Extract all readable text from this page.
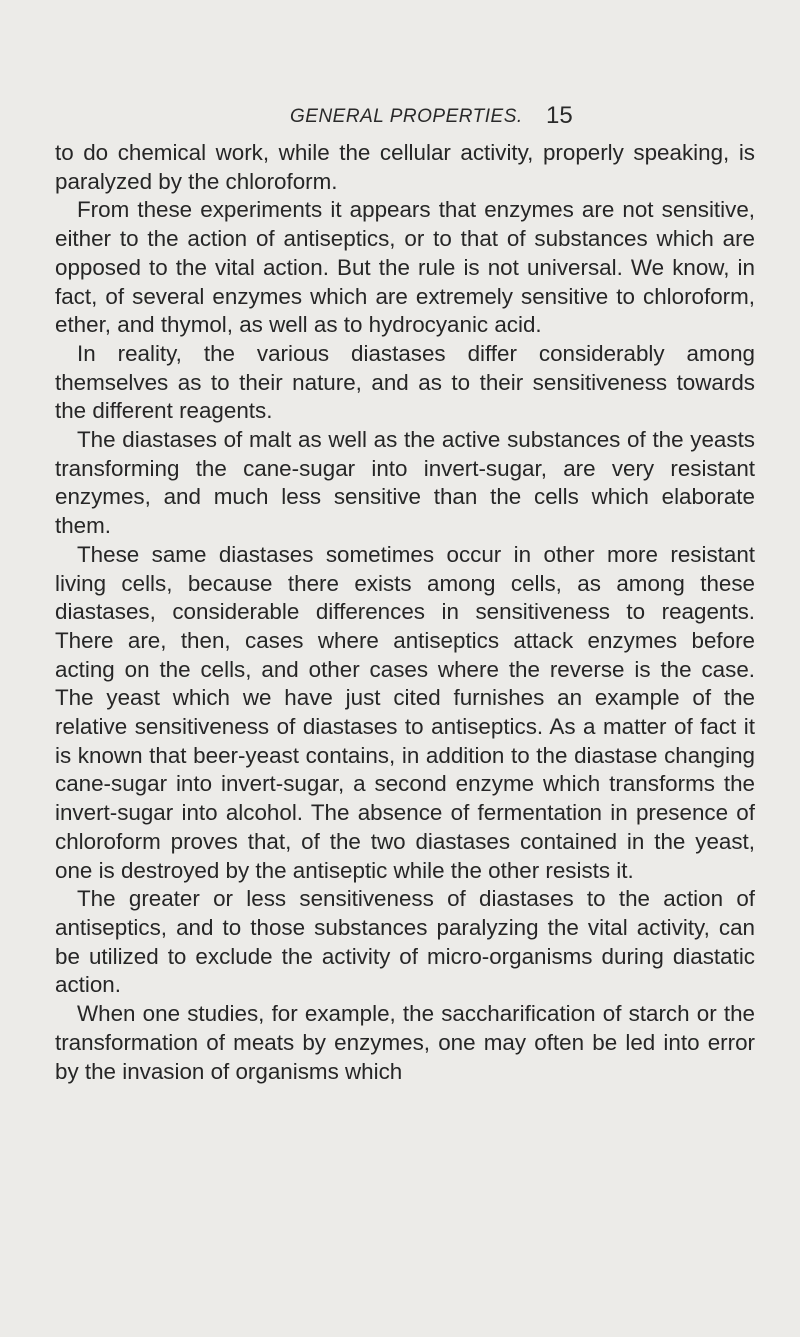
GENERAL PROPERTIES. 15

to do chemical work, while the cellular activity, properly speaking, is paralyzed by the chloroform.

From these experiments it appears that enzymes are not sensitive, either to the action of antiseptics, or to that of substances which are opposed to the vital action. But the rule is not universal. We know, in fact, of several enzymes which are extremely sensitive to chloroform, ether, and thymol, as well as to hydrocyanic acid.

In reality, the various diastases differ considerably among themselves as to their nature, and as to their sensitiveness towards the different reagents.

The diastases of malt as well as the active substances of the yeasts transforming the cane-sugar into invert-sugar, are very resistant enzymes, and much less sensitive than the cells which elaborate them.

These same diastases sometimes occur in other more resistant living cells, because there exists among cells, as among these diastases, considerable differences in sensitiveness to reagents. There are, then, cases where antiseptics attack enzymes before acting on the cells, and other cases where the reverse is the case. The yeast which we have just cited furnishes an example of the relative sensitiveness of diastases to antiseptics. As a matter of fact it is known that beer-yeast contains, in addition to the diastase changing cane-sugar into invert-sugar, a second enzyme which transforms the invert-sugar into alcohol. The absence of fermentation in presence of chloroform proves that, of the two diastases contained in the yeast, one is destroyed by the antiseptic while the other resists it.

The greater or less sensitiveness of diastases to the action of antiseptics, and to those substances paralyzing the vital activity, can be utilized to exclude the activity of micro-organisms during diastatic action.

When one studies, for example, the saccharification of starch or the transformation of meats by enzymes, one may often be led into error by the invasion of organisms which
